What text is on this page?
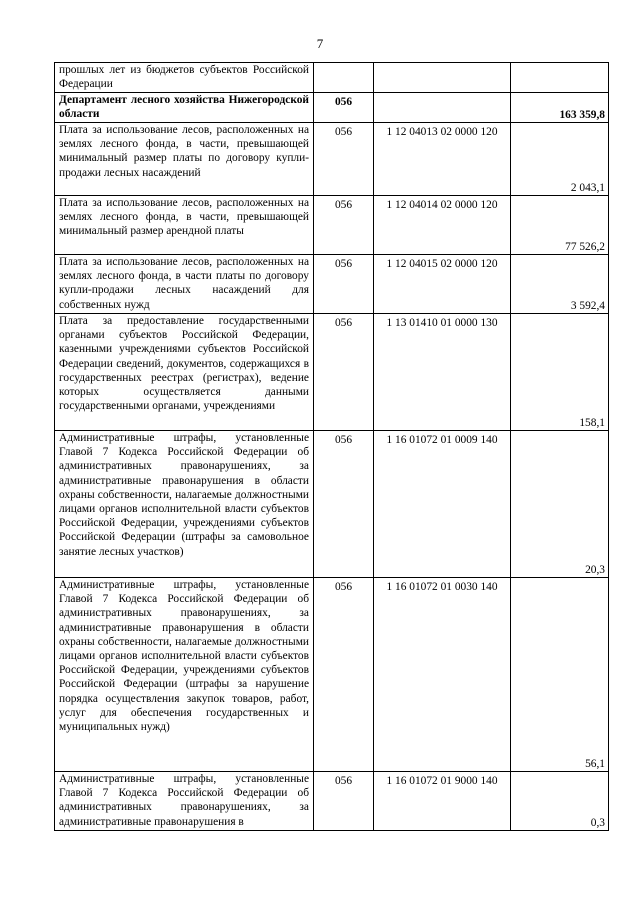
7
прошлых лет из бюджетов субъектов Российской Федерации			
Департамент лесного хозяйства Нижегородской области	056		163 359,8
Плата за использование лесов, расположенных на землях лесного фонда, в части, превышающей минимальный размер платы по договору купли-продажи лесных насаждений	056	1 12 04013 02 0000 120	2 043,1
Плата за использование лесов, расположенных на землях лесного фонда, в части, превышающей минимальный размер арендной платы	056	1 12 04014 02 0000 120	77 526,2
Плата за использование лесов, расположенных на землях лесного фонда, в части платы по договору купли-продажи лесных насаждений для собственных нужд	056	1 12 04015 02 0000 120	3 592,4
Плата за предоставление государственными органами субъектов Российской Федерации, казенными учреждениями субъектов Российской Федерации сведений, документов, содержащихся в государственных реестрах (регистрах), ведение которых осуществляется данными государственными органами, учреждениями	056	1 13 01410 01 0000 130	158,1
Административные штрафы, установленные Главой 7 Кодекса Российской Федерации об административных правонарушениях, за административные правонарушения в области охраны собственности, налагаемые должностными лицами органов исполнительной власти субъектов Российской Федерации, учреждениями субъектов Российской Федерации (штрафы за самовольное занятие лесных участков)	056	1 16 01072 01 0009 140	20,3
Административные штрафы, установленные Главой 7 Кодекса Российской Федерации об административных правонарушениях, за административные правонарушения в области охраны собственности, налагаемые должностными лицами органов исполнительной власти субъектов Российской Федерации, учреждениями субъектов Российской Федерации (штрафы за нарушение порядка осуществления закупок товаров, работ, услуг для обеспечения государственных и муниципальных нужд)	056	1 16 01072 01 0030 140	56,1
Административные штрафы, установленные Главой 7 Кодекса Российской Федерации об административных правонарушениях, за административные правонарушения в	056	1 16 01072 01 9000 140	0,3
